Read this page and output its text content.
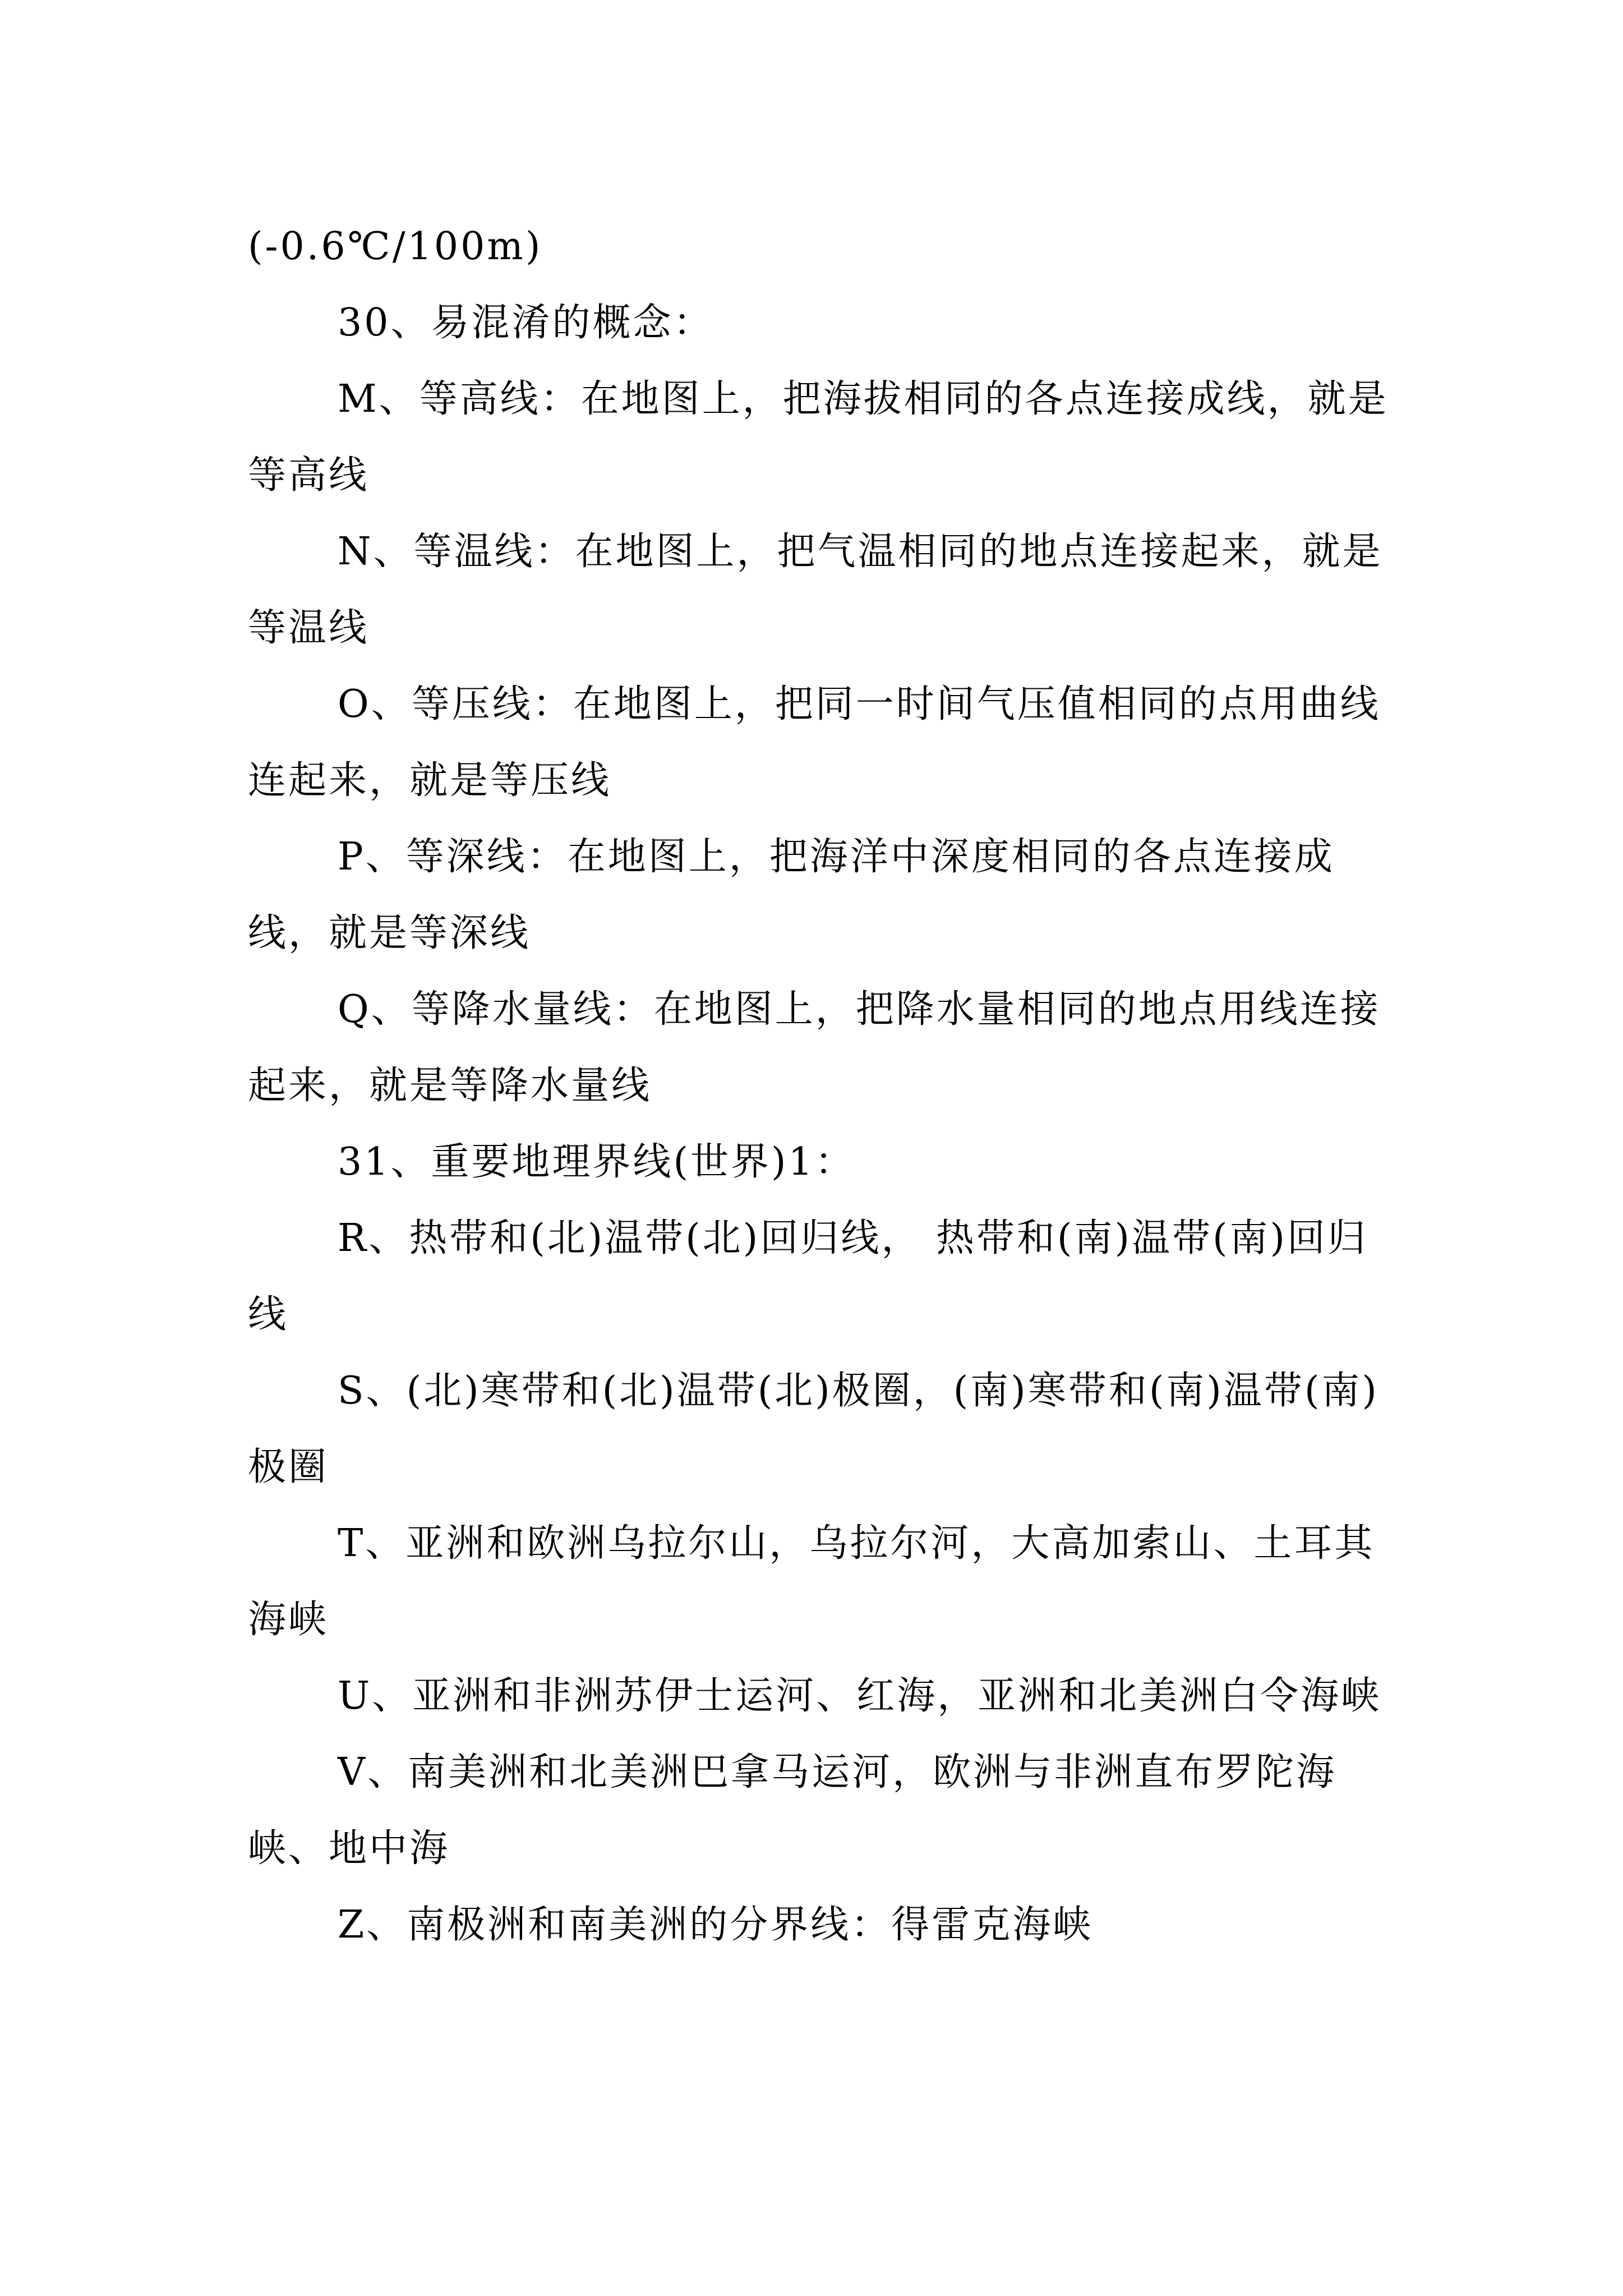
(-0.6℃/100m)

30、易混淆的概念：

M、等高线：在地图上，把海拔相同的各点连接成线，就是等高线

N、等温线：在地图上，把气温相同的地点连接起来，就是等温线

O、等压线：在地图上，把同一时间气压值相同的点用曲线连起来，就是等压线

P、等深线：在地图上，把海洋中深度相同的各点连接成线，就是等深线

Q、等降水量线：在地图上，把降水量相同的地点用线连接起来，就是等降水量线

31、重要地理界线(世界)1：

R、热带和(北)温带(北)回归线， 热带和(南)温带(南)回归线

S、(北)寒带和(北)温带(北)极圈，(南)寒带和(南)温带(南)极圈

T、亚洲和欧洲乌拉尔山，乌拉尔河，大高加索山、土耳其海峡

U、亚洲和非洲苏伊士运河、红海，亚洲和北美洲白令海峡

V、南美洲和北美洲巴拿马运河，欧洲与非洲直布罗陀海峡、地中海

Z、南极洲和南美洲的分界线：得雷克海峡
